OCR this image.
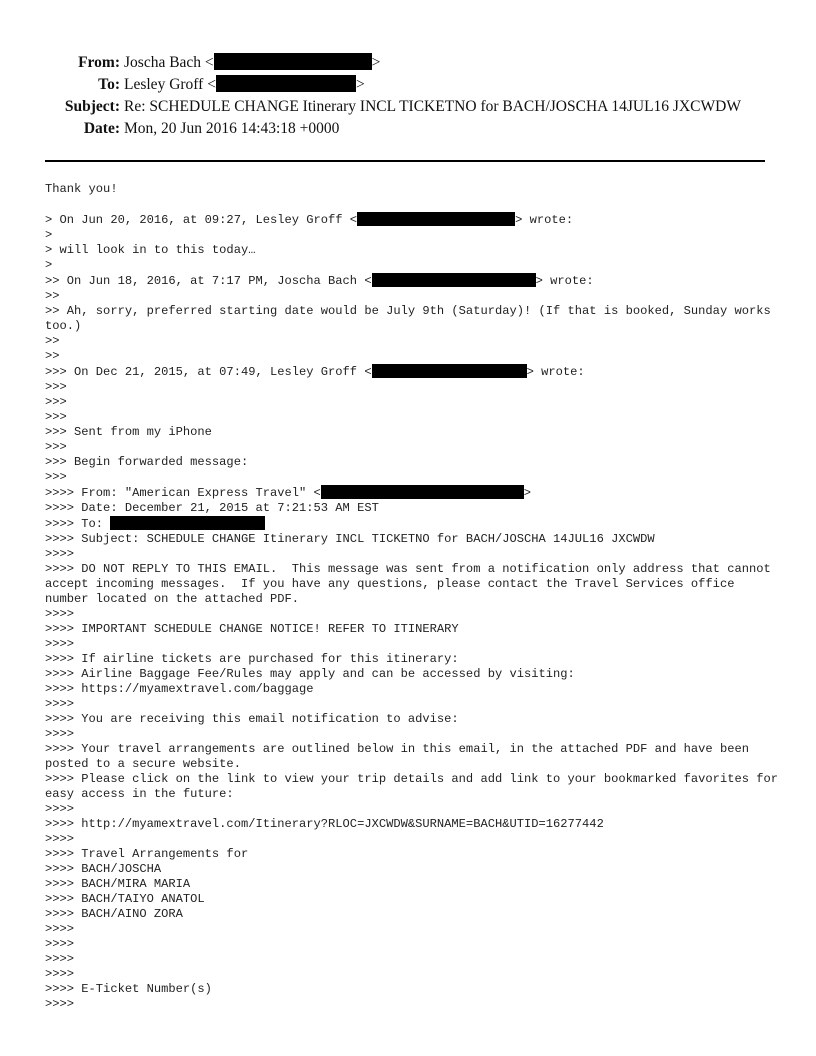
From: Joscha Bach <	>
To: Lesley Groff <	>
Subject: Re: SCHEDULE CHANGE Itinerary INCL TICKETNO for BACH/JOSCHA 14JUL16 JXCWDW
Date: Mon, 20 Jun 2016 14:43:18 +0000
Thank you!
> On Jun 20, 2016, at 09:27, Lesley Groff <	> wrote:
>
> will look in to this today…
>
>> On Jun 18, 2016, at 7:17 PM, Joscha Bach <	> wrote:
>>
>> Ah, sorry, preferred starting date would be July 9th (Saturday)! (If that is booked, Sunday works too.)
>>
>>
>>> On Dec 21, 2015, at 07:49, Lesley Groff <	> wrote:
>>>
>>>
>>>
>>> Sent from my iPhone
>>>
>>> Begin forwarded message:
>>>
>>>> From: "American Express Travel" <	>
>>>> Date: December 21, 2015 at 7:21:53 AM EST
>>>> To:
>>>> Subject: SCHEDULE CHANGE Itinerary INCL TICKETNO for BACH/JOSCHA 14JUL16 JXCWDW
>>>>
>>>> DO NOT REPLY TO THIS EMAIL.  This message was sent from a notification only address that cannot accept incoming messages.  If you have any questions, please contact the Travel Services office number located on the attached PDF.
>>>>
>>>> IMPORTANT SCHEDULE CHANGE NOTICE! REFER TO ITINERARY
>>>>
>>>> If airline tickets are purchased for this itinerary:
>>>> Airline Baggage Fee/Rules may apply and can be accessed by visiting:
>>>> https://myamextravel.com/baggage
>>>>
>>>> You are receiving this email notification to advise:
>>>>
>>>> Your travel arrangements are outlined below in this email, in the attached PDF and have been posted to a secure website.
>>>> Please click on the link to view your trip details and add link to your bookmarked favorites for easy access in the future:
>>>>
>>>> http://myamextravel.com/Itinerary?RLOC=JXCWDW&SURNAME=BACH&UTID=16277442
>>>>
>>>> Travel Arrangements for
>>>> BACH/JOSCHA
>>>> BACH/MIRA MARIA
>>>> BACH/TAIYO ANATOL
>>>> BACH/AINO ZORA
>>>>
>>>>
>>>>
>>>>
>>>> E-Ticket Number(s)
>>>>
